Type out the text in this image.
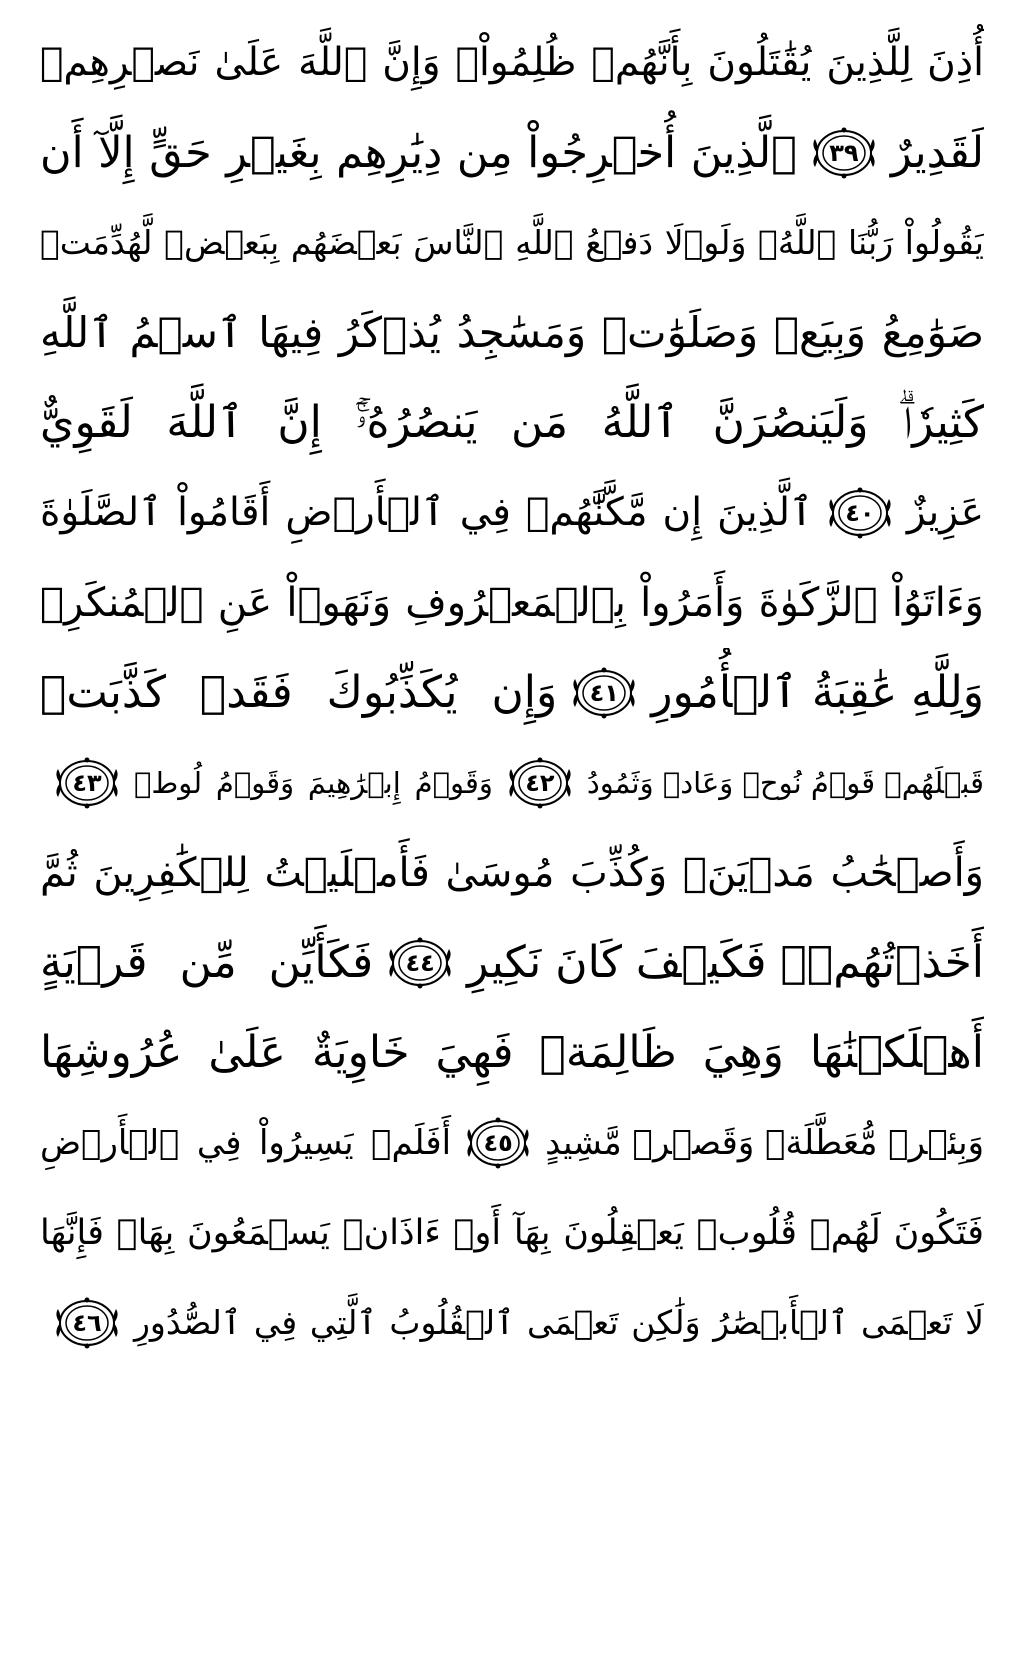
أُذِنَ لِلَّذِينَ يُقَٰتَلُونَ بِأَنَّهُمۡ ظُلِمُواْۚ وَإِنَّ ٱللَّهَ عَلَىٰ نَصۡرِهِمۡ
لَقَدِيرٌ
٣٩
ٱلَّذِينَ أُخۡرِجُواْ مِن دِيَٰرِهِم بِغَيۡرِ حَقٍّ إِلَّآ أَن
يَقُولُواْ رَبُّنَا ٱللَّهُۗ وَلَوۡلَا دَفۡعُ ٱللَّهِ ٱلنَّاسَ بَعۡضَهُم بِبَعۡضٖ لَّهُدِّمَتۡ
صَوَٰمِعُ وَبِيَعٞ وَصَلَوَٰتٞ وَمَسَٰجِدُ يُذۡكَرُ فِيهَا ٱسۡمُ ٱللَّهِ
كَثِيرٗاۗ وَلَيَنصُرَنَّ ٱللَّهُ مَن يَنصُرُهُۥٓۚ إِنَّ ٱللَّهَ لَقَوِيٌّ
عَزِيزٌ
٤٠
ٱلَّذِينَ إِن مَّكَّنَّٰهُمۡ فِي ٱلۡأَرۡضِ أَقَامُواْ ٱلصَّلَوٰةَ
وَءَاتَوُاْ ٱلزَّكَوٰةَ وَأَمَرُواْ بِٱلۡمَعۡرُوفِ وَنَهَوۡاْ عَنِ ٱلۡمُنكَرِۗ
وَلِلَّهِ عَٰقِبَةُ ٱلۡأُمُورِ
٤١
وَإِن يُكَذِّبُوكَ فَقَدۡ كَذَّبَتۡ
قَبۡلَهُمۡ قَوۡمُ نُوحٖ وَعَادٞ وَثَمُودُ
٤٢
وَقَوۡمُ إِبۡرَٰهِيمَ وَقَوۡمُ لُوطٖ
٤٣
وَأَصۡحَٰبُ مَدۡيَنَۖ وَكُذِّبَ مُوسَىٰ فَأَمۡلَيۡتُ لِلۡكَٰفِرِينَ ثُمَّ
أَخَذۡتُهُمۡۖ فَكَيۡفَ كَانَ نَكِيرِ
٤٤
فَكَأَيِّن مِّن قَرۡيَةٍ
أَهۡلَكۡنَٰهَا وَهِيَ ظَالِمَةٞ فَهِيَ خَاوِيَةٌ عَلَىٰ عُرُوشِهَا
وَبِئۡرٖ مُّعَطَّلَةٖ وَقَصۡرٖ مَّشِيدٍ
٤٥
أَفَلَمۡ يَسِيرُواْ فِي ٱلۡأَرۡضِ
فَتَكُونَ لَهُمۡ قُلُوبٞ يَعۡقِلُونَ بِهَآ أَوۡ ءَاذَانٞ يَسۡمَعُونَ بِهَاۖ فَإِنَّهَا
لَا تَعۡمَى ٱلۡأَبۡصَٰرُ وَلَٰكِن تَعۡمَى ٱلۡقُلُوبُ ٱلَّتِي فِي ٱلصُّدُورِ
٤٦
